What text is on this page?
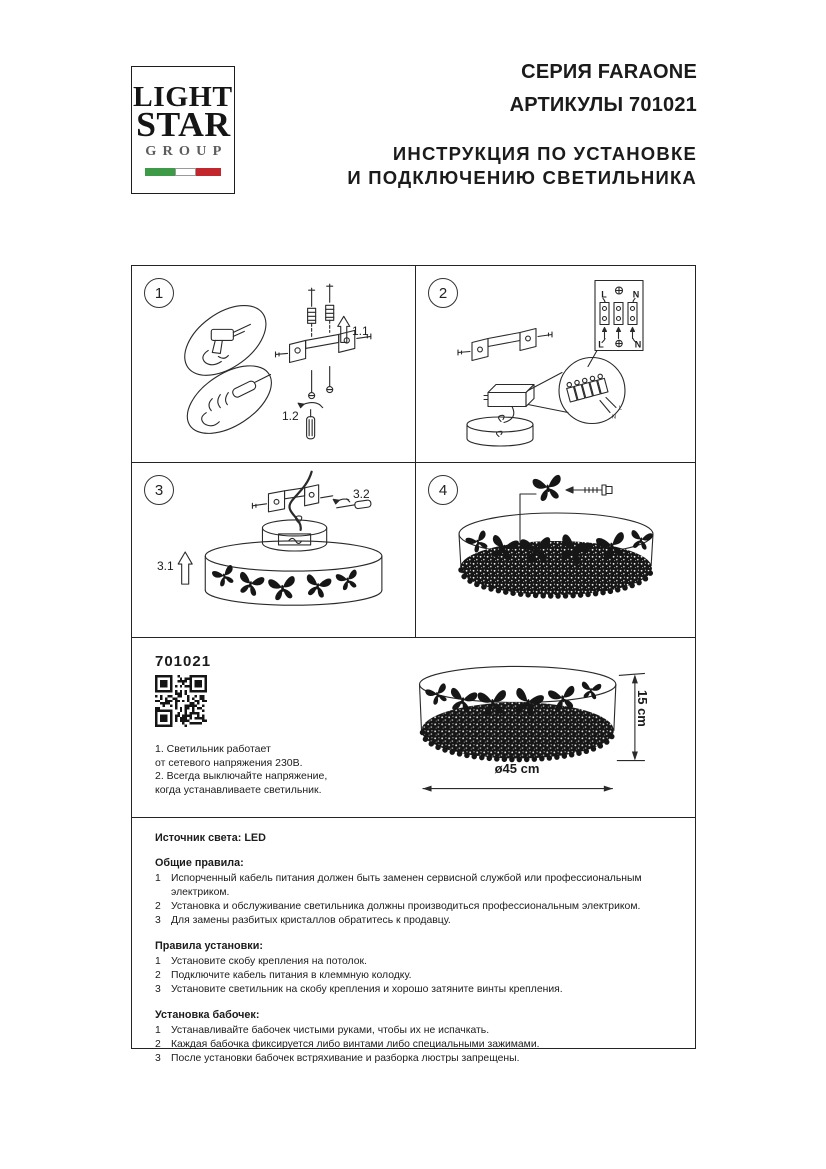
LIGHT
STAR
GROUP
СЕРИЯ FARAONE
АРТИКУЛЫ 701021
ИНСТРУКЦИЯ ПО УСТАНОВКЕ
И ПОДКЛЮЧЕНИЮ СВЕТИЛЬНИКА
1
1.1
1.2
2	L	N
L	N
N
L
3
3.1
3.2	4
701021
1. Светильник работает
от сетевого напряжения 230В.
2. Всегда выключайте напряжение,
когда устанавливаете светильник.
15 cm
ø45 cm
Источник света: LED
Общие правила:
Испорченный кабель питания должен быть заменен сервисной службой или профессиональным электриком.
Установка и обслуживание светильника должны производиться профессиональным электриком.
Для замены разбитых кристаллов обратитесь к продавцу.
Правила установки:
Установите скобу крепления на потолок.
Подключите кабель питания в клеммную колодку.
Установите светильник на скобу крепления и хорошо затяните винты крепления.
Установка бабочек:
Устанавливайте бабочек чистыми руками, чтобы их не испачкать.
Каждая бабочка фиксируется либо винтами либо специальными зажимами.
После установки бабочек встряхивание и разборка люстры запрещены.
